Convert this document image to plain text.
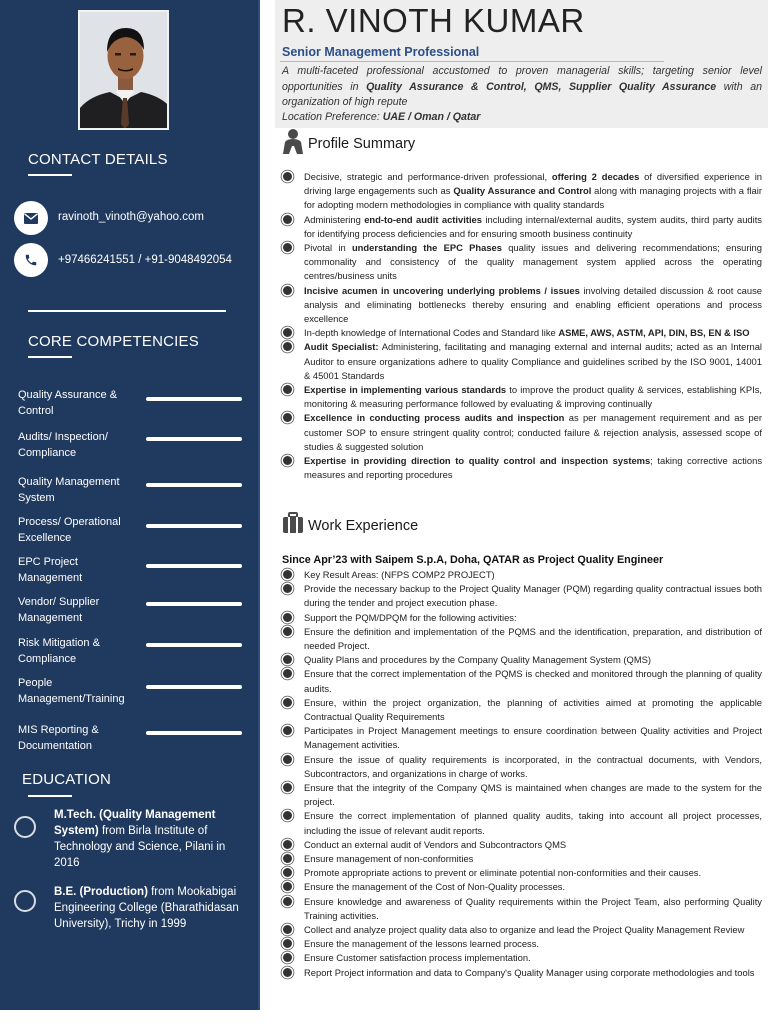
CONTACT DETAILS
ravinoth_vinoth@yahoo.com
+97466241551 / +91-9048492054
CORE COMPETENCIES
Quality Assurance & Control
Audits/ Inspection/ Compliance
Quality Management System
Process/ Operational Excellence
EPC Project Management
Vendor/ Supplier Management
Risk Mitigation & Compliance
People Management/Training
MIS Reporting & Documentation
EDUCATION
M.Tech. (Quality Management System) from Birla Institute of Technology and Science, Pilani in 2016
B.E. (Production) from Mookabigai Engineering College (Bharathidasan University), Trichy in 1999
R. VINOTH KUMAR
Senior Management Professional
A multi-faceted professional accustomed to proven managerial skills; targeting senior level opportunities in Quality Assurance & Control, QMS, Supplier Quality Assurance with an organization of high repute
Location Preference: UAE / Oman / Qatar
Profile Summary
Decisive, strategic and performance-driven professional, offering 2 decades of diversified experience in driving large engagements such as Quality Assurance and Control along with managing projects with a flair for adopting modern methodologies in compliance with quality standards
Administering end-to-end audit activities including internal/external audits, system audits, third party audits for identifying process deficiencies and for ensuring smooth business continuity
Pivotal in understanding the EPC Phases quality issues and delivering recommendations; ensuring commonality and consistency of the quality management system applied across the operating centres/business units
Incisive acumen in uncovering underlying problems / issues involving detailed discussion & root cause analysis and eliminating bottlenecks thereby ensuring and enabling efficient operations and process excellence
In-depth knowledge of International Codes and Standard like ASME, AWS, ASTM, API, DIN, BS, EN & ISO
Audit Specialist: Administering, facilitating and managing external and internal audits; acted as an Internal Auditor to ensure organizations adhere to quality Compliance and guidelines scribed by the ISO 9001, 14001 & 45001 Standards
Expertise in implementing various standards to improve the product quality & services, establishing KPIs, monitoring & measuring performance followed by evaluating & improving continually
Excellence in conducting process audits and inspection as per management requirement and as per customer SOP to ensure stringent quality control; conducted failure & rejection analysis, assessed scope of studies & suggested solution
Expertise in providing direction to quality control and inspection systems; taking corrective actions measures and reporting procedures
Work Experience
Since Apr’23 with Saipem S.p.A, Doha, QATAR as Project Quality Engineer
Key Result Areas: (NFPS COMP2 PROJECT)
Provide the necessary backup to the Project Quality Manager (PQM) regarding quality contractual issues both during the tender and project execution phase.
Support the PQM/DPQM for the following activities:
Ensure the definition and implementation of the PQMS and the identification, preparation, and distribution of needed Project.
Quality Plans and procedures by the Company Quality Management System (QMS)
Ensure that the correct implementation of the PQMS is checked and monitored through the planning of quality audits.
Ensure, within the project organization, the planning of activities aimed at promoting the applicable Contractual Quality Requirements
Participates in Project Management meetings to ensure coordination between Quality activities and Project Management activities.
Ensure the issue of quality requirements is incorporated, in the contractual documents, with Vendors, Subcontractors, and organizations in charge of works.
Ensure that the integrity of the Company QMS is maintained when changes are made to the system for the project.
Ensure the correct implementation of planned quality audits, taking into account all project processes, including the issue of relevant audit reports.
Conduct an external audit of Vendors and Subcontractors QMS
Ensure management of non-conformities
Promote appropriate actions to prevent or eliminate potential non-conformities and their causes.
Ensure the management of the Cost of Non-Quality processes.
Ensure knowledge and awareness of Quality requirements within the Project Team, also performing Quality Training activities.
Collect and analyze project quality data also to organize and lead the Project Quality Management Review
Ensure the management of the lessons learned process.
Ensure Customer satisfaction process implementation.
Report Project information and data to Company's Quality Manager using corporate methodologies and tools
